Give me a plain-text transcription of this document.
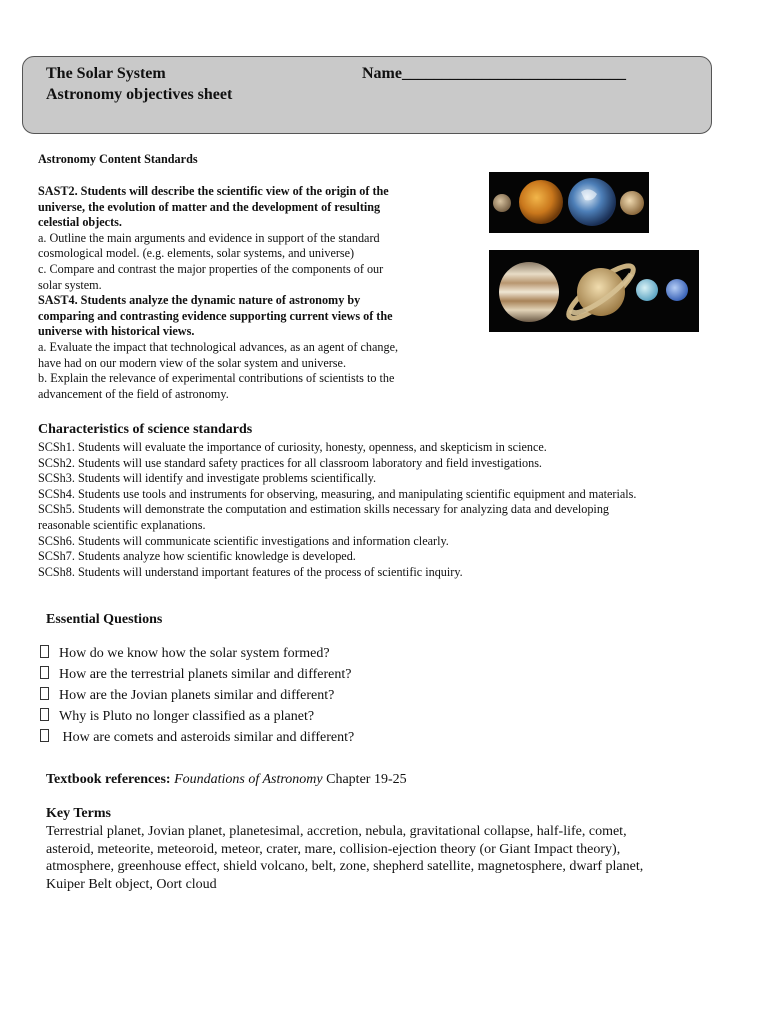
The Solar System
Astronomy objectives sheet
Name____________________________
Astronomy Content Standards
SAST2. Students will describe the scientific view of the origin of the
universe, the evolution of matter and the development of resulting
celestial objects.
a. Outline the main arguments and evidence in support of the standard
cosmological model. (e.g. elements, solar systems, and universe)
c. Compare and contrast the major properties of the components of our
solar system.
SAST4. Students analyze the dynamic nature of astronomy by
comparing and contrasting evidence supporting current views of the
universe with historical views.
a. Evaluate the impact that technological advances, as an agent of change,
have had on our modern view of the solar system and universe.
b. Explain the relevance of experimental contributions of scientists to the
advancement of the field of astronomy.
Characteristics of science standards
SCSh1. Students will evaluate the importance of curiosity, honesty, openness, and skepticism in science.
SCSh2. Students will use standard safety practices for all classroom laboratory and field investigations.
SCSh3. Students will identify and investigate problems scientifically.
SCSh4. Students use tools and instruments for observing, measuring, and manipulating scientific equipment and materials.
SCSh5. Students will demonstrate the computation and estimation skills necessary for analyzing data and developing
reasonable scientific explanations.
SCSh6. Students will communicate scientific investigations and information clearly.
SCSh7. Students analyze how scientific knowledge is developed.
SCSh8. Students will understand important features of the process of scientific inquiry.
Essential Questions
How do we know how the solar system formed?
How are the terrestrial planets similar and different?
How are the Jovian planets similar and different?
Why is Pluto no longer classified as a planet?
How are comets and asteroids similar and different?
Textbook references: Foundations of Astronomy Chapter 19-25
Key Terms
Terrestrial planet, Jovian planet, planetesimal, accretion, nebula, gravitational collapse, half-life, comet,
asteroid, meteorite, meteoroid, meteor, crater, mare, collision-ejection theory (or Giant Impact theory),
atmosphere, greenhouse effect, shield volcano, belt, zone, shepherd satellite, magnetosphere, dwarf planet,
Kuiper Belt object, Oort cloud
